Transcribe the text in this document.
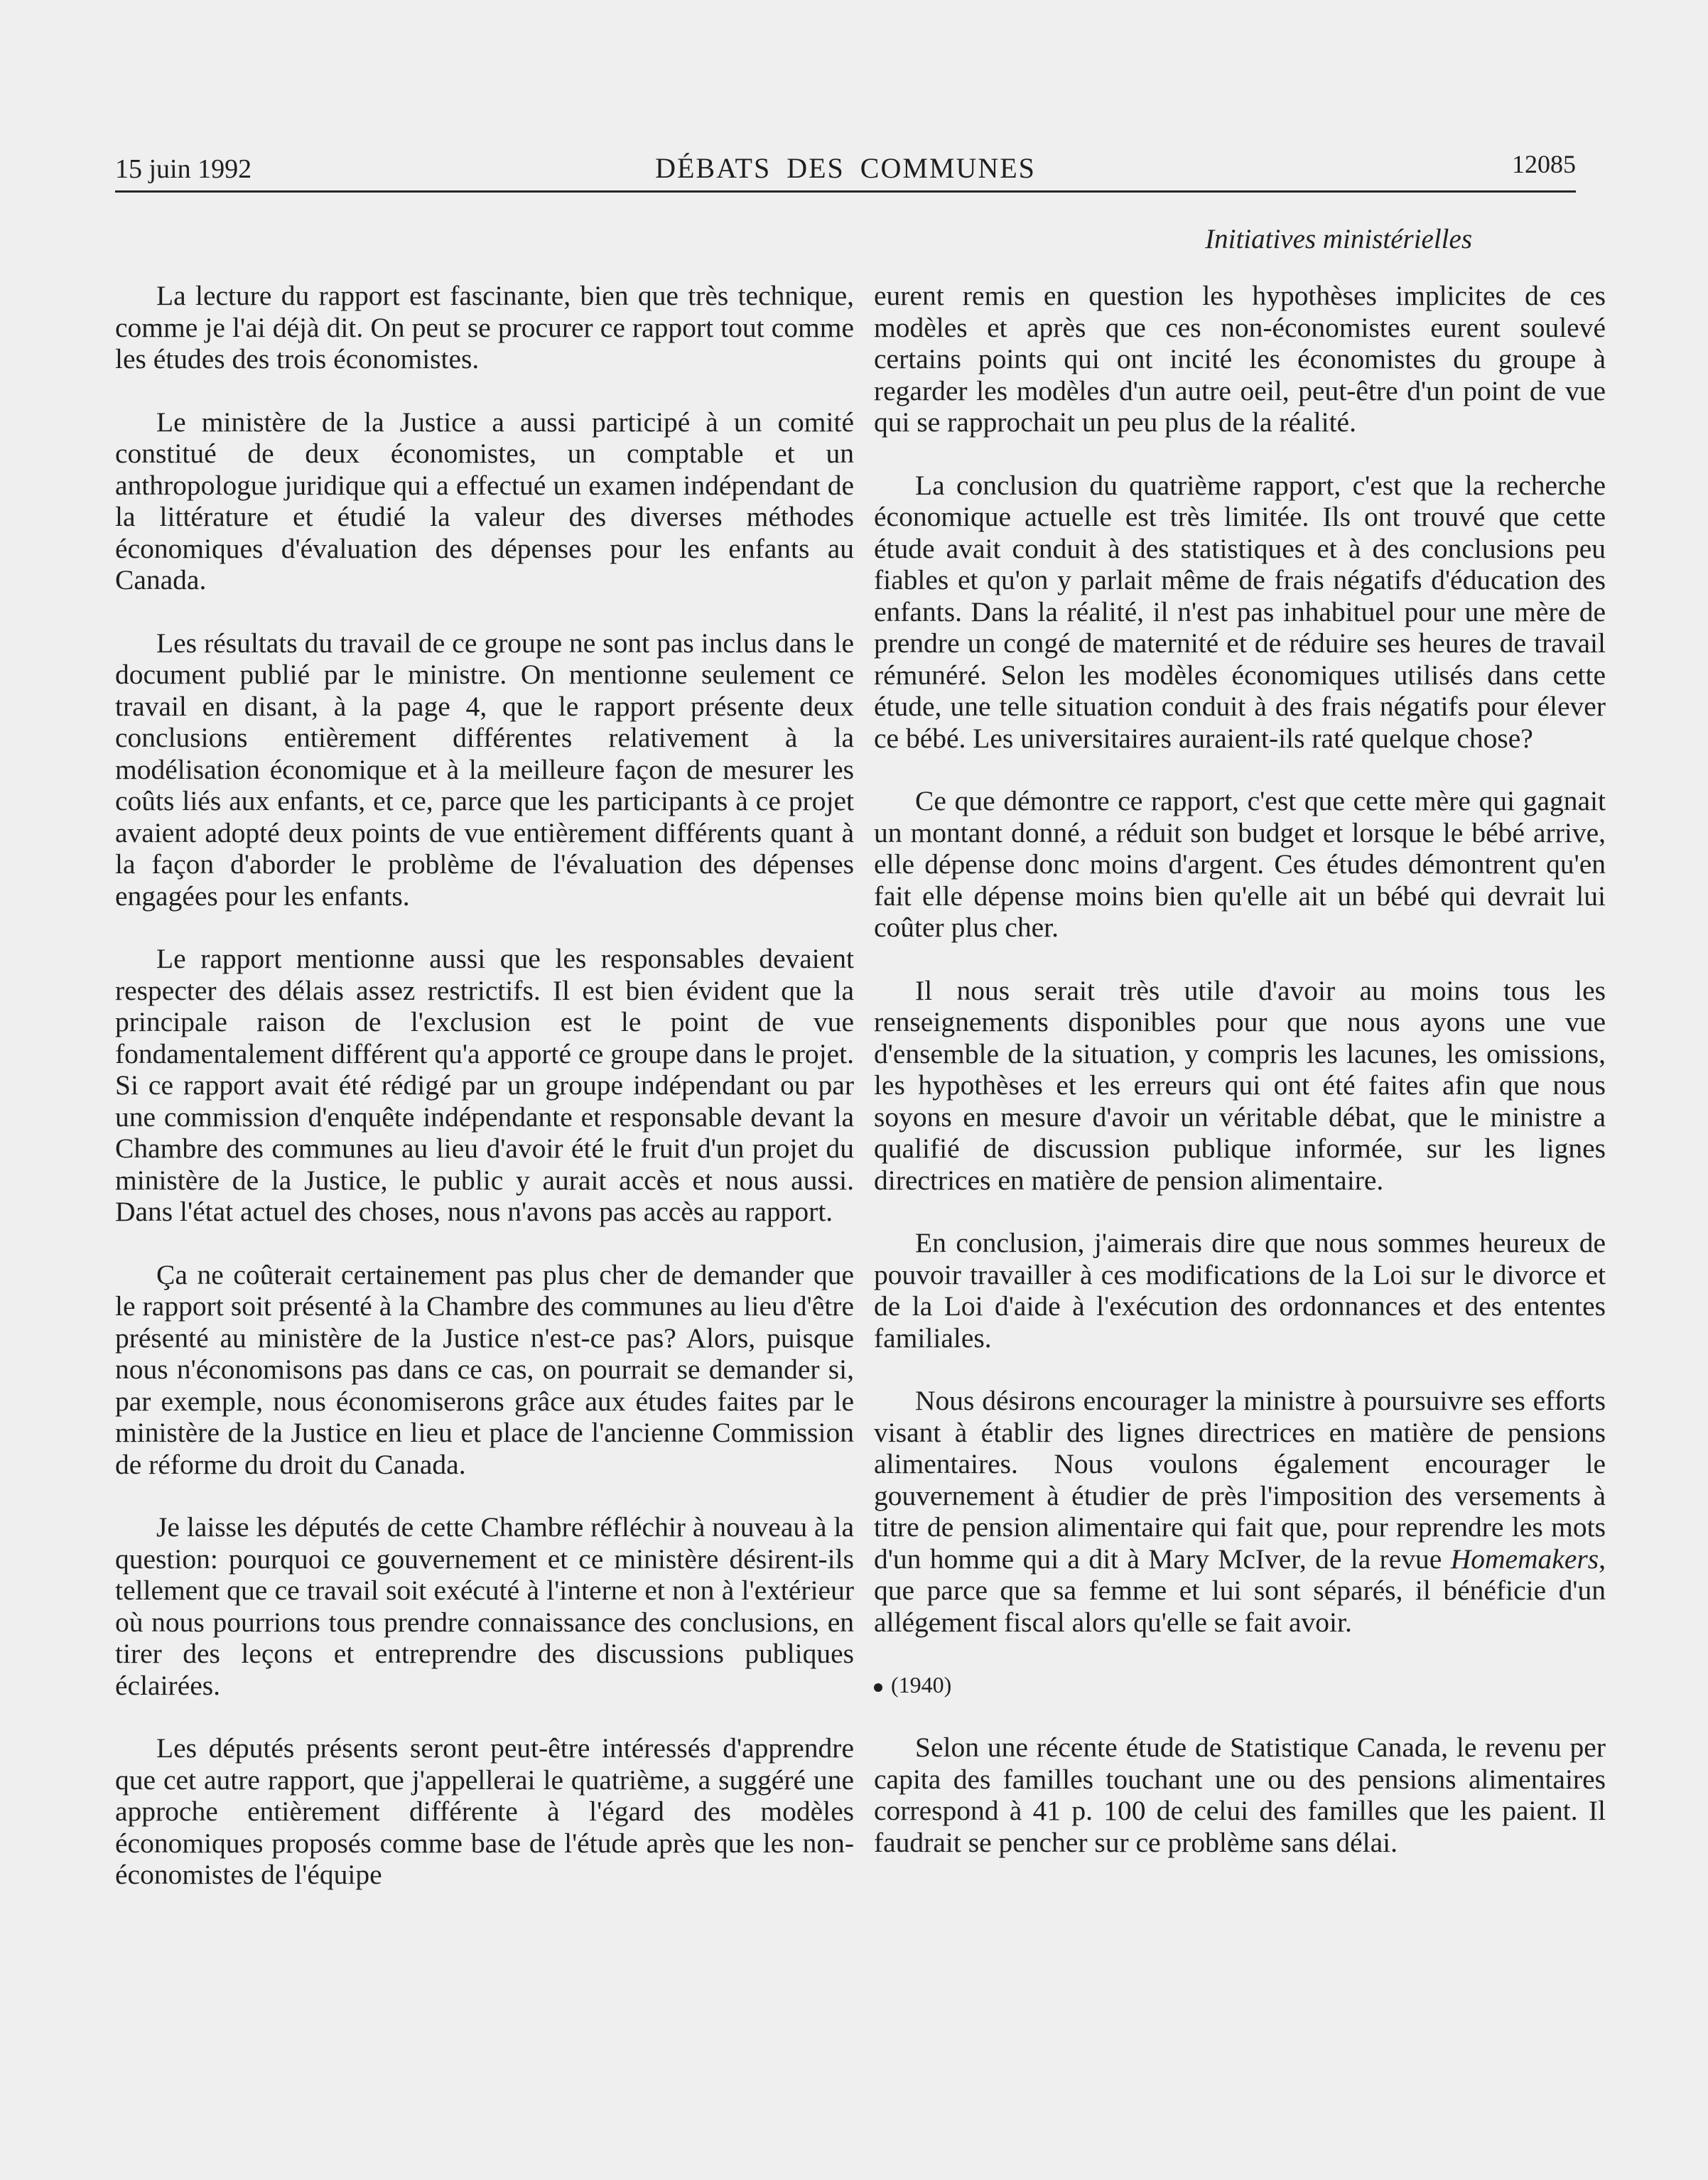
15 juin 1992	DÉBATS DES COMMUNES	12085
Initiatives ministérielles

La lecture du rapport est fascinante, bien que très technique, comme je l'ai déjà dit. On peut se procurer ce rapport tout comme les études des trois économistes.

Le ministère de la Justice a aussi participé à un comité constitué de deux économistes, un comptable et un anthropologue juridique qui a effectué un examen indépendant de la littérature et étudié la valeur des diverses méthodes économiques d'évaluation des dépenses pour les enfants au Canada.

Les résultats du travail de ce groupe ne sont pas inclus dans le document publié par le ministre. On mentionne seulement ce travail en disant, à la page 4, que le rapport présente deux conclusions entièrement différentes relativement à la modélisation économique et à la meilleure façon de mesurer les coûts liés aux enfants, et ce, parce que les participants à ce projet avaient adopté deux points de vue entièrement différents quant à la façon d'aborder le problème de l'évaluation des dépenses engagées pour les enfants.

Le rapport mentionne aussi que les responsables devaient respecter des délais assez restrictifs. Il est bien évident que la principale raison de l'exclusion est le point de vue fondamentalement différent qu'a apporté ce groupe dans le projet. Si ce rapport avait été rédigé par un groupe indépendant ou par une commission d'enquête indépendante et responsable devant la Chambre des communes au lieu d'avoir été le fruit d'un projet du ministère de la Justice, le public y aurait accès et nous aussi. Dans l'état actuel des choses, nous n'avons pas accès au rapport.

Ça ne coûterait certainement pas plus cher de demander que le rapport soit présenté à la Chambre des communes au lieu d'être présenté au ministère de la Justice n'est-ce pas? Alors, puisque nous n'économisons pas dans ce cas, on pourrait se demander si, par exemple, nous économiserons grâce aux études faites par le ministère de la Justice en lieu et place de l'ancienne Commission de réforme du droit du Canada.

Je laisse les députés de cette Chambre réfléchir à nouveau à la question: pourquoi ce gouvernement et ce ministère désirent-ils tellement que ce travail soit exécuté à l'interne et non à l'extérieur où nous pourrions tous prendre connaissance des conclusions, en tirer des leçons et entreprendre des discussions publiques éclairées.

Les députés présents seront peut-être intéressés d'apprendre que cet autre rapport, que j'appellerai le quatrième, a suggéré une approche entièrement différente à l'égard des modèles économiques proposés comme base de l'étude après que les non-économistes de l'équipe

eurent remis en question les hypothèses implicites de ces modèles et après que ces non-économistes eurent soulevé certains points qui ont incité les économistes du groupe à regarder les modèles d'un autre oeil, peut-être d'un point de vue qui se rapprochait un peu plus de la réalité.

La conclusion du quatrième rapport, c'est que la recherche économique actuelle est très limitée. Ils ont trouvé que cette étude avait conduit à des statistiques et à des conclusions peu fiables et qu'on y parlait même de frais négatifs d'éducation des enfants. Dans la réalité, il n'est pas inhabituel pour une mère de prendre un congé de maternité et de réduire ses heures de travail rémunéré. Selon les modèles économiques utilisés dans cette étude, une telle situation conduit à des frais négatifs pour élever ce bébé. Les universitaires auraient-ils raté quelque chose?

Ce que démontre ce rapport, c'est que cette mère qui gagnait un montant donné, a réduit son budget et lorsque le bébé arrive, elle dépense donc moins d'argent. Ces études démontrent qu'en fait elle dépense moins bien qu'elle ait un bébé qui devrait lui coûter plus cher.

Il nous serait très utile d'avoir au moins tous les renseignements disponibles pour que nous ayons une vue d'ensemble de la situation, y compris les lacunes, les omissions, les hypothèses et les erreurs qui ont été faites afin que nous soyons en mesure d'avoir un véritable débat, que le ministre a qualifié de discussion publique informée, sur les lignes directrices en matière de pension alimentaire.

En conclusion, j'aimerais dire que nous sommes heureux de pouvoir travailler à ces modifications de la Loi sur le divorce et de la Loi d'aide à l'exécution des ordonnances et des ententes familiales.

Nous désirons encourager la ministre à poursuivre ses efforts visant à établir des lignes directrices en matière de pensions alimentaires. Nous voulons également encourager le gouvernement à étudier de près l'imposition des versements à titre de pension alimentaire qui fait que, pour reprendre les mots d'un homme qui a dit à Mary McIver, de la revue Homemakers, que parce que sa femme et lui sont séparés, il bénéficie d'un allégement fiscal alors qu'elle se fait avoir.

(1940)

Selon une récente étude de Statistique Canada, le revenu per capita des familles touchant une ou des pensions alimentaires correspond à 41 p. 100 de celui des familles que les paient. Il faudrait se pencher sur ce problème sans délai.
